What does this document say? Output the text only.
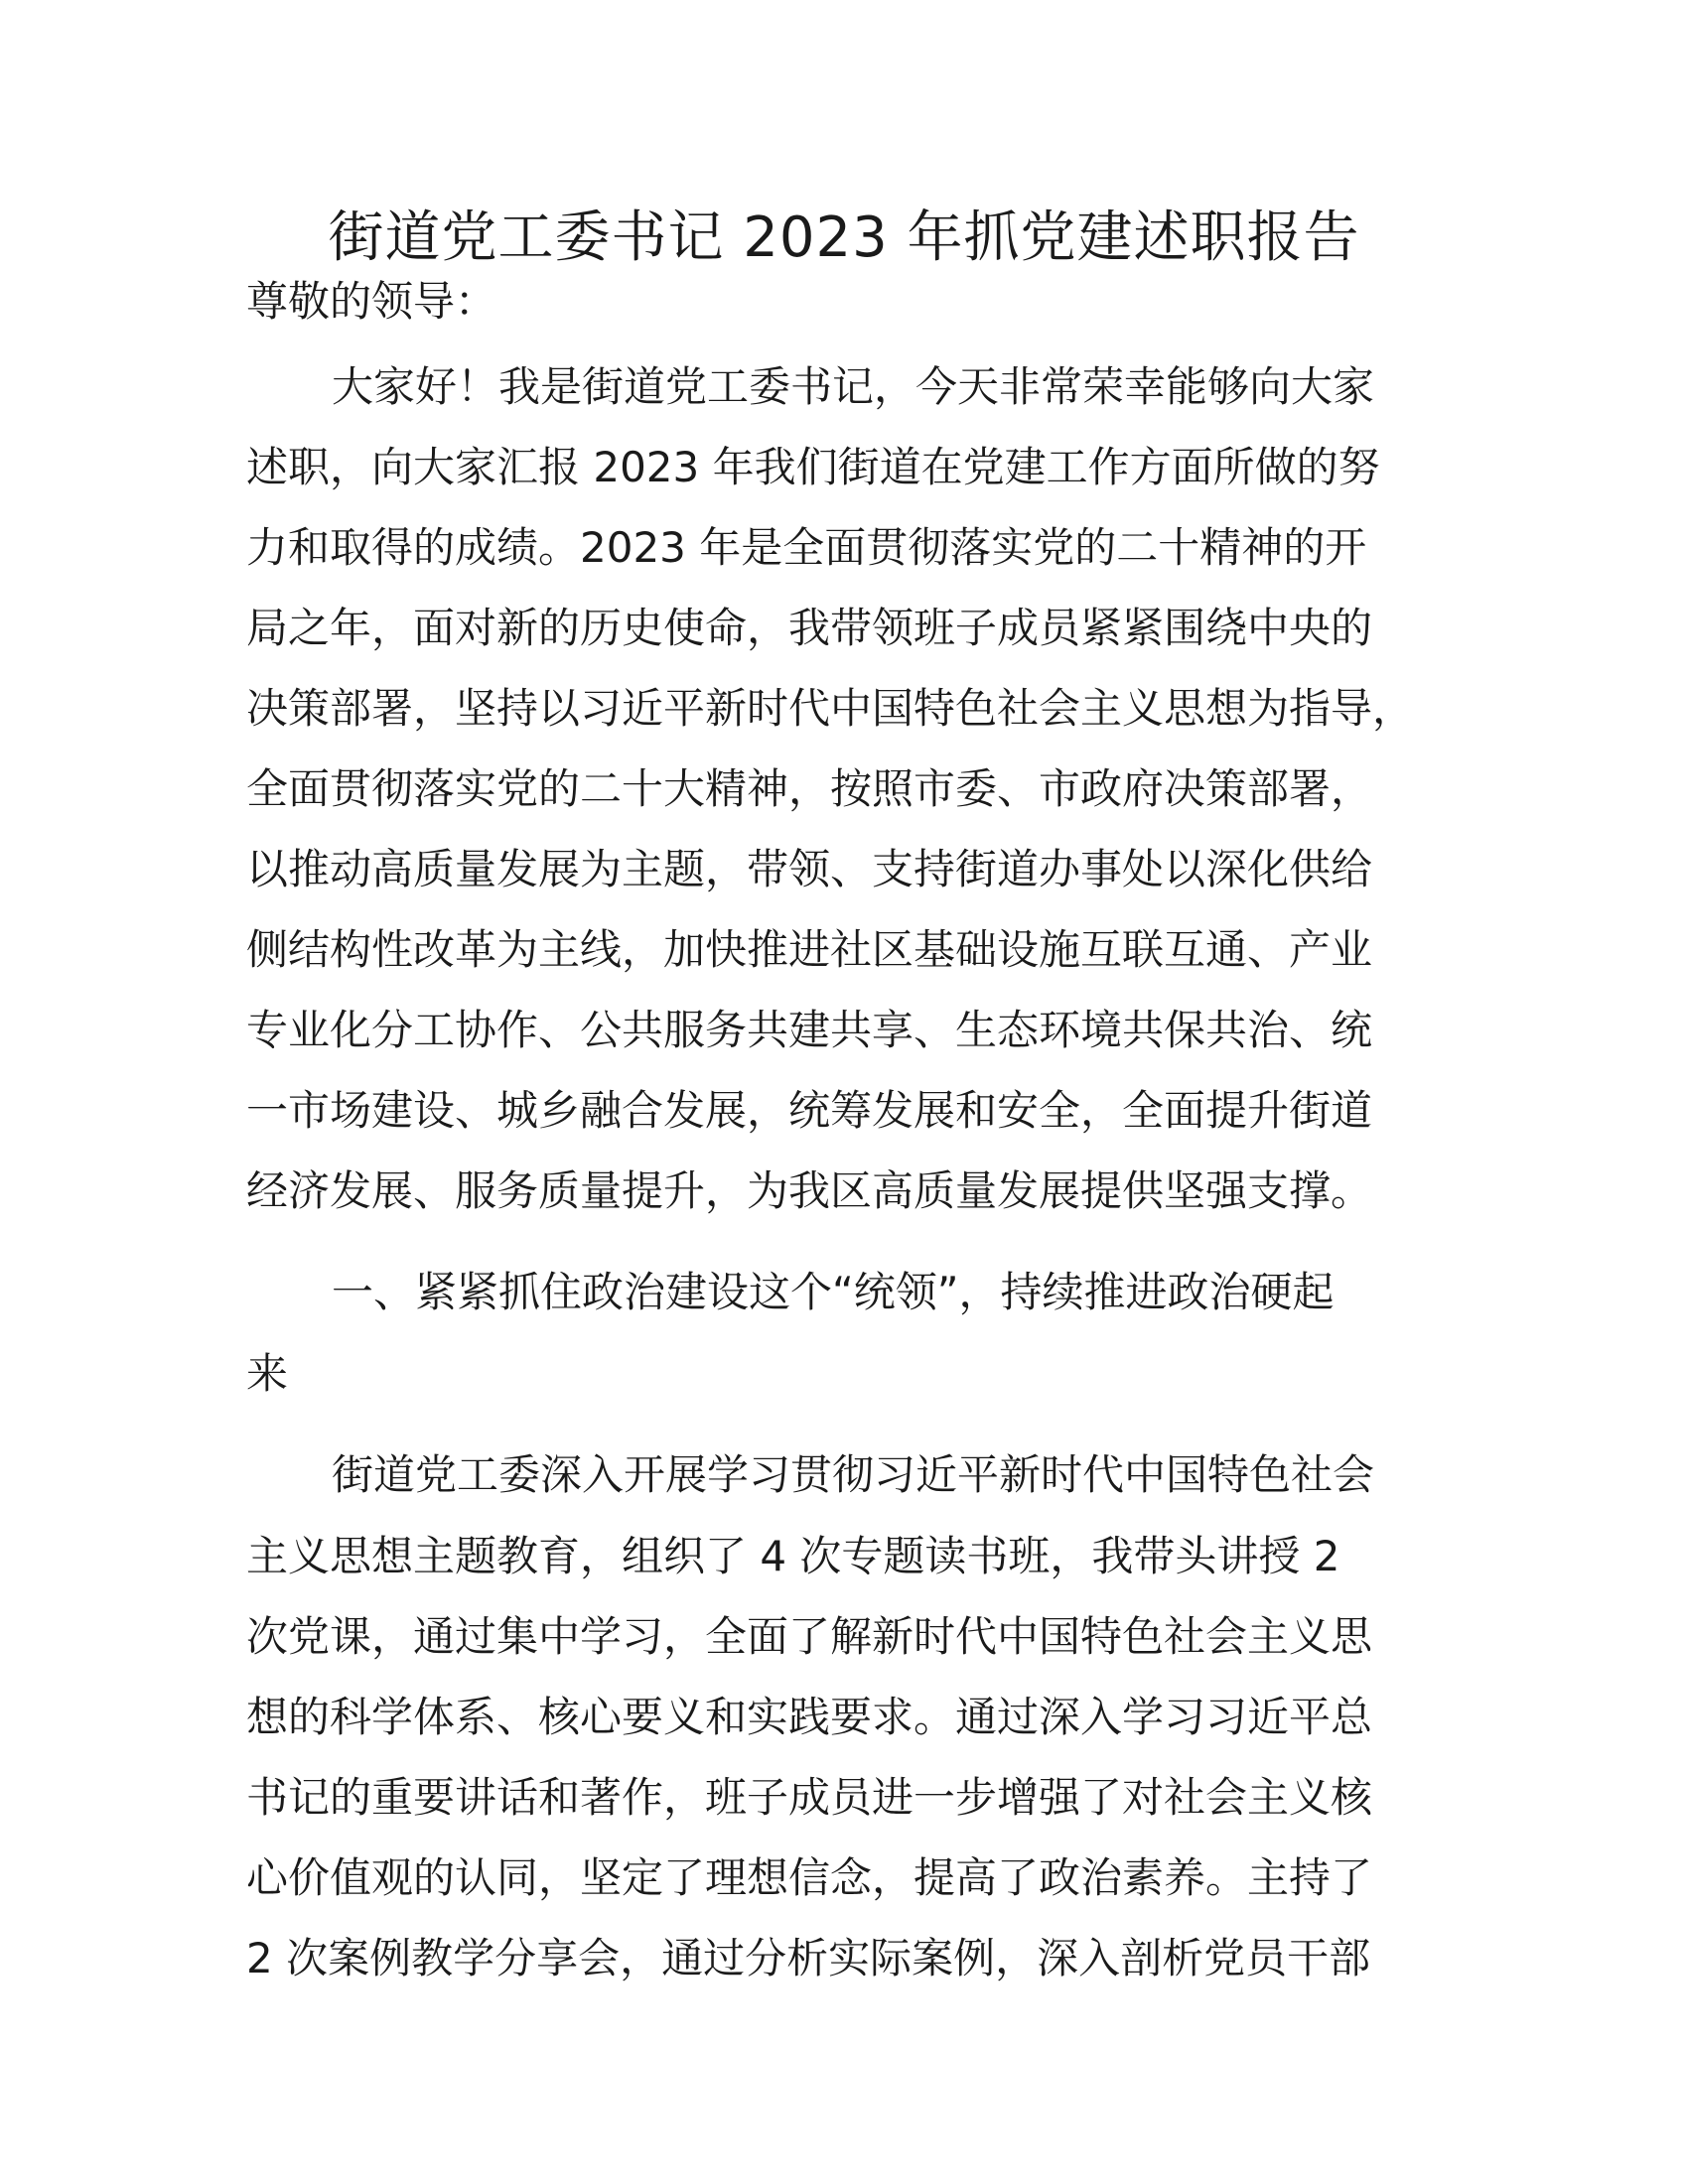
街道党工委书记 2023 年抓党建述职报告

尊敬的领导：

大家好！我是街道党工委书记，今天非常荣幸能够向大家

述职，向大家汇报 2023 年我们街道在党建工作方面所做的努

力和取得的成绩。2023 年是全面贯彻落实党的二十精神的开

局之年，面对新的历史使命，我带领班子成员紧紧围绕中央的

决策部署，坚持以习近平新时代中国特色社会主义思想为指导，

全面贯彻落实党的二十大精神，按照市委、市政府决策部署，

以推动高质量发展为主题，带领、支持街道办事处以深化供给

侧结构性改革为主线，加快推进社区基础设施互联互通、产业

专业化分工协作、公共服务共建共享、生态环境共保共治、统

一市场建设、城乡融合发展，统筹发展和安全，全面提升街道

经济发展、服务质量提升，为我区高质量发展提供坚强支撑。

一、紧紧抓住政治建设这个“统领”，持续推进政治硬起

来

街道党工委深入开展学习贯彻习近平新时代中国特色社会

主义思想主题教育，组织了 4 次专题读书班，我带头讲授 2

次党课，通过集中学习，全面了解新时代中国特色社会主义思

想的科学体系、核心要义和实践要求。通过深入学习习近平总

书记的重要讲话和著作，班子成员进一步增强了对社会主义核

心价值观的认同，坚定了理想信念，提高了政治素养。主持了

2 次案例教学分享会，通过分析实际案例，深入剖析党员干部
